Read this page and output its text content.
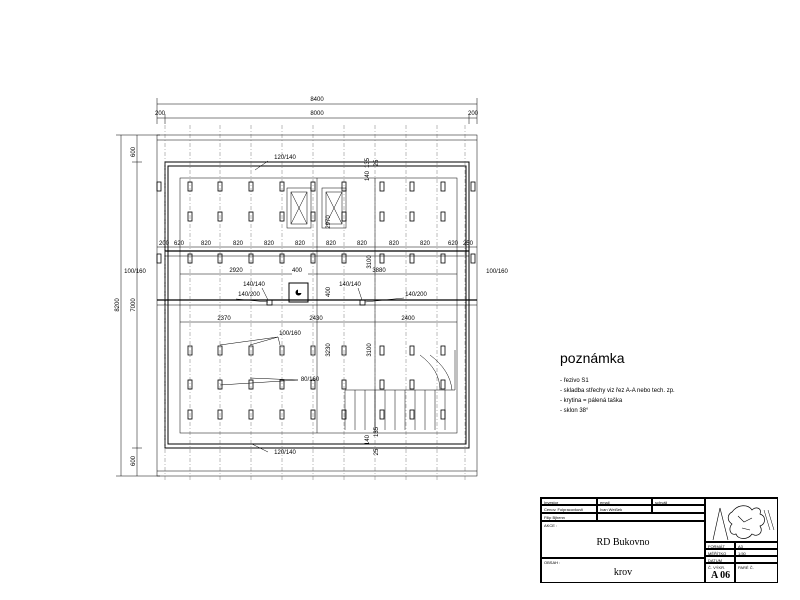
8400
200	8000	200
8200
600
7000
600
120/140
120/140
100/160	100/160
140
135 25
140
135
25
200 620	820	820	820	820	820	820	820	820	620 250
2920	400	3880
2970
3100
400
140/140	140/140
140/200	140/200
2370	2430	2400
100/160
3230	3100
80/160
poznámka
- řezivo S1
- skladba střechy viz řez A-A nebo tech. zp.
- krytina = pálená taška
- sklon 38°
Investor	email	schváli
Cenov. Folpracovkuvli	Ivan Weißek
Filip Bjhenn
AKCE :
RD Bukovno
OBSAH :
krov
FORMÁT	A3
MĚŘÍTKO	1:50
DATUM
Č. VÝKR.
A 06
PARÉ Č.
